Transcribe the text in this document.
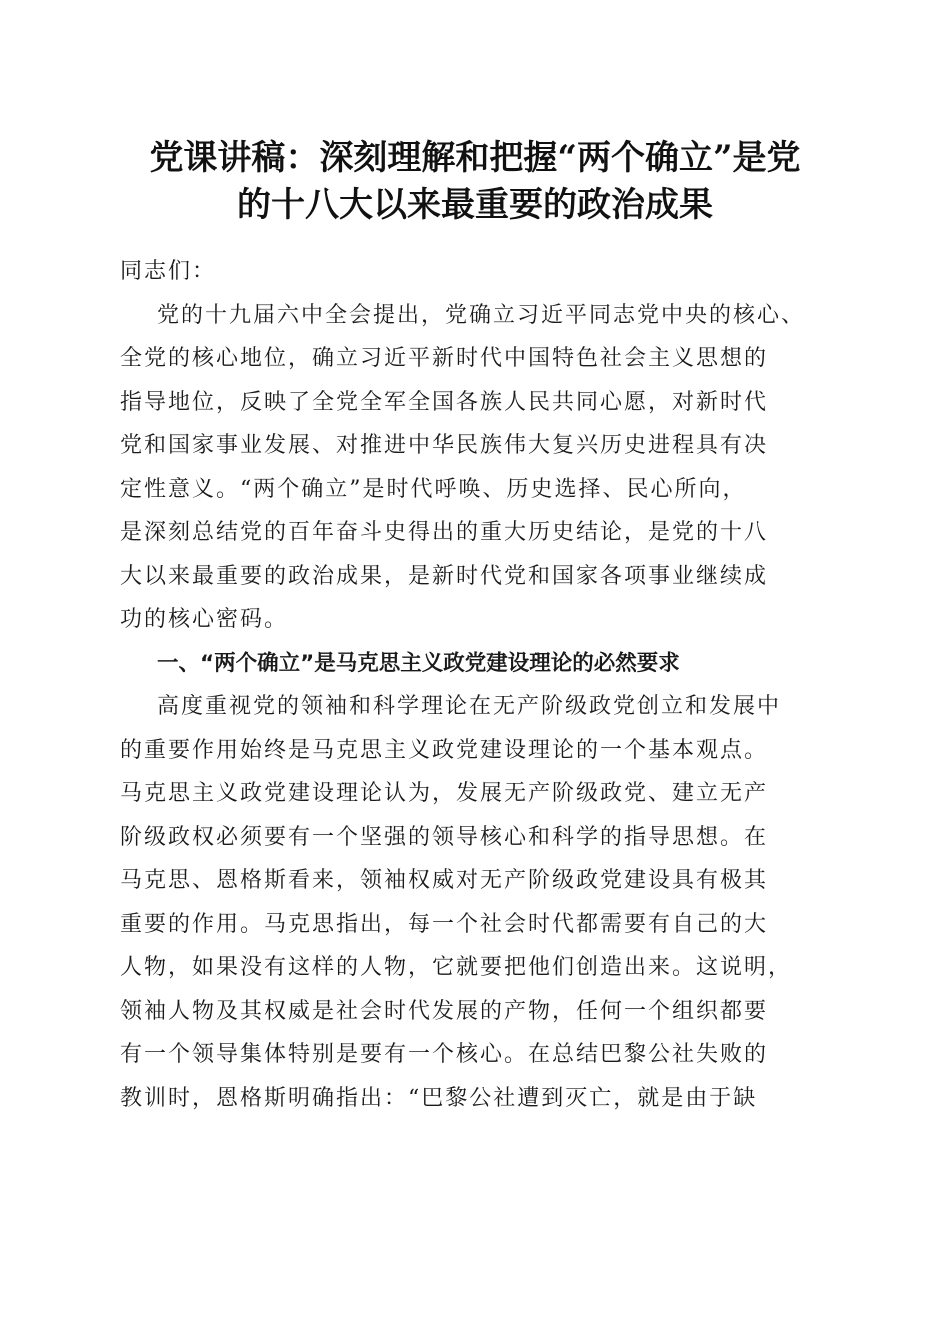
党课讲稿：深刻理解和把握“两个确立”是党
的十八大以来最重要的政治成果
同志们：
党的十九届六中全会提出，党确立习近平同志党中央的核心、
全党的核心地位，确立习近平新时代中国特色社会主义思想的
指导地位，反映了全党全军全国各族人民共同心愿，对新时代
党和国家事业发展、对推进中华民族伟大复兴历史进程具有决
定性意义。“两个确立”是时代呼唤、历史选择、民心所向，
是深刻总结党的百年奋斗史得出的重大历史结论，是党的十八
大以来最重要的政治成果，是新时代党和国家各项事业继续成
功的核心密码。
一、“两个确立”是马克思主义政党建设理论的必然要求
高度重视党的领袖和科学理论在无产阶级政党创立和发展中
的重要作用始终是马克思主义政党建设理论的一个基本观点。
马克思主义政党建设理论认为，发展无产阶级政党、建立无产
阶级政权必须要有一个坚强的领导核心和科学的指导思想。在
马克思、恩格斯看来，领袖权威对无产阶级政党建设具有极其
重要的作用。马克思指出，每一个社会时代都需要有自己的大
人物，如果没有这样的人物，它就要把他们创造出来。这说明，
领袖人物及其权威是社会时代发展的产物，任何一个组织都要
有一个领导集体特别是要有一个核心。在总结巴黎公社失败的
教训时，恩格斯明确指出：“巴黎公社遭到灭亡，就是由于缺
